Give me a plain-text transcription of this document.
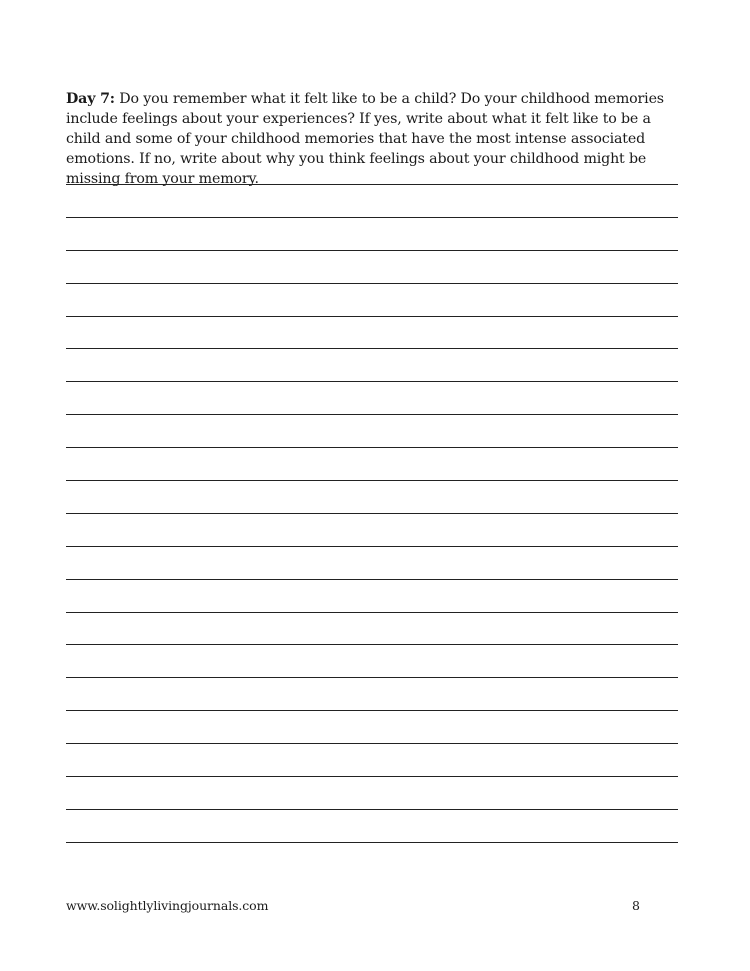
Day 7: Do you remember what it felt like to be a child? Do your childhood memories include feelings about your experiences? If yes, write about what it felt like to be a child and some of your childhood memories that have the most intense associated emotions. If no, write about why you think feelings about your childhood might be missing from your memory.
www.solightlylivingjournals.com	8
